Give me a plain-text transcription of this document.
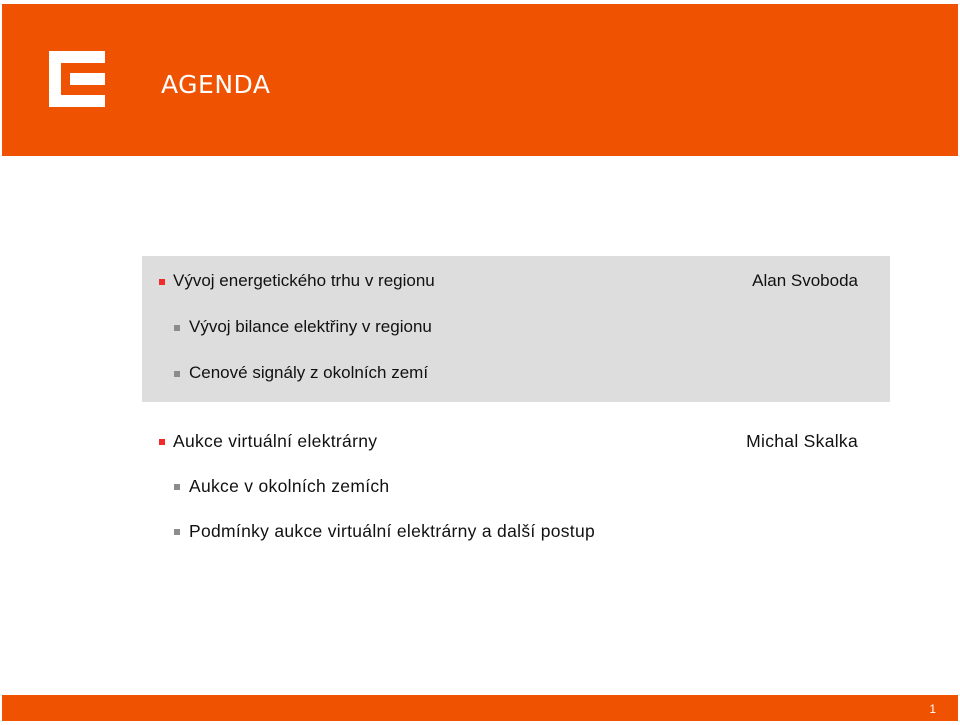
AGENDA
Vývoj energetického trhu v regionu	Alan Svoboda
Vývoj bilance elektřiny v regionu
Cenové signály z okolních zemí
Aukce virtuální elektrárny	Michal Skalka
Aukce v okolních zemích
Podmínky aukce virtuální elektrárny a další postup
1
